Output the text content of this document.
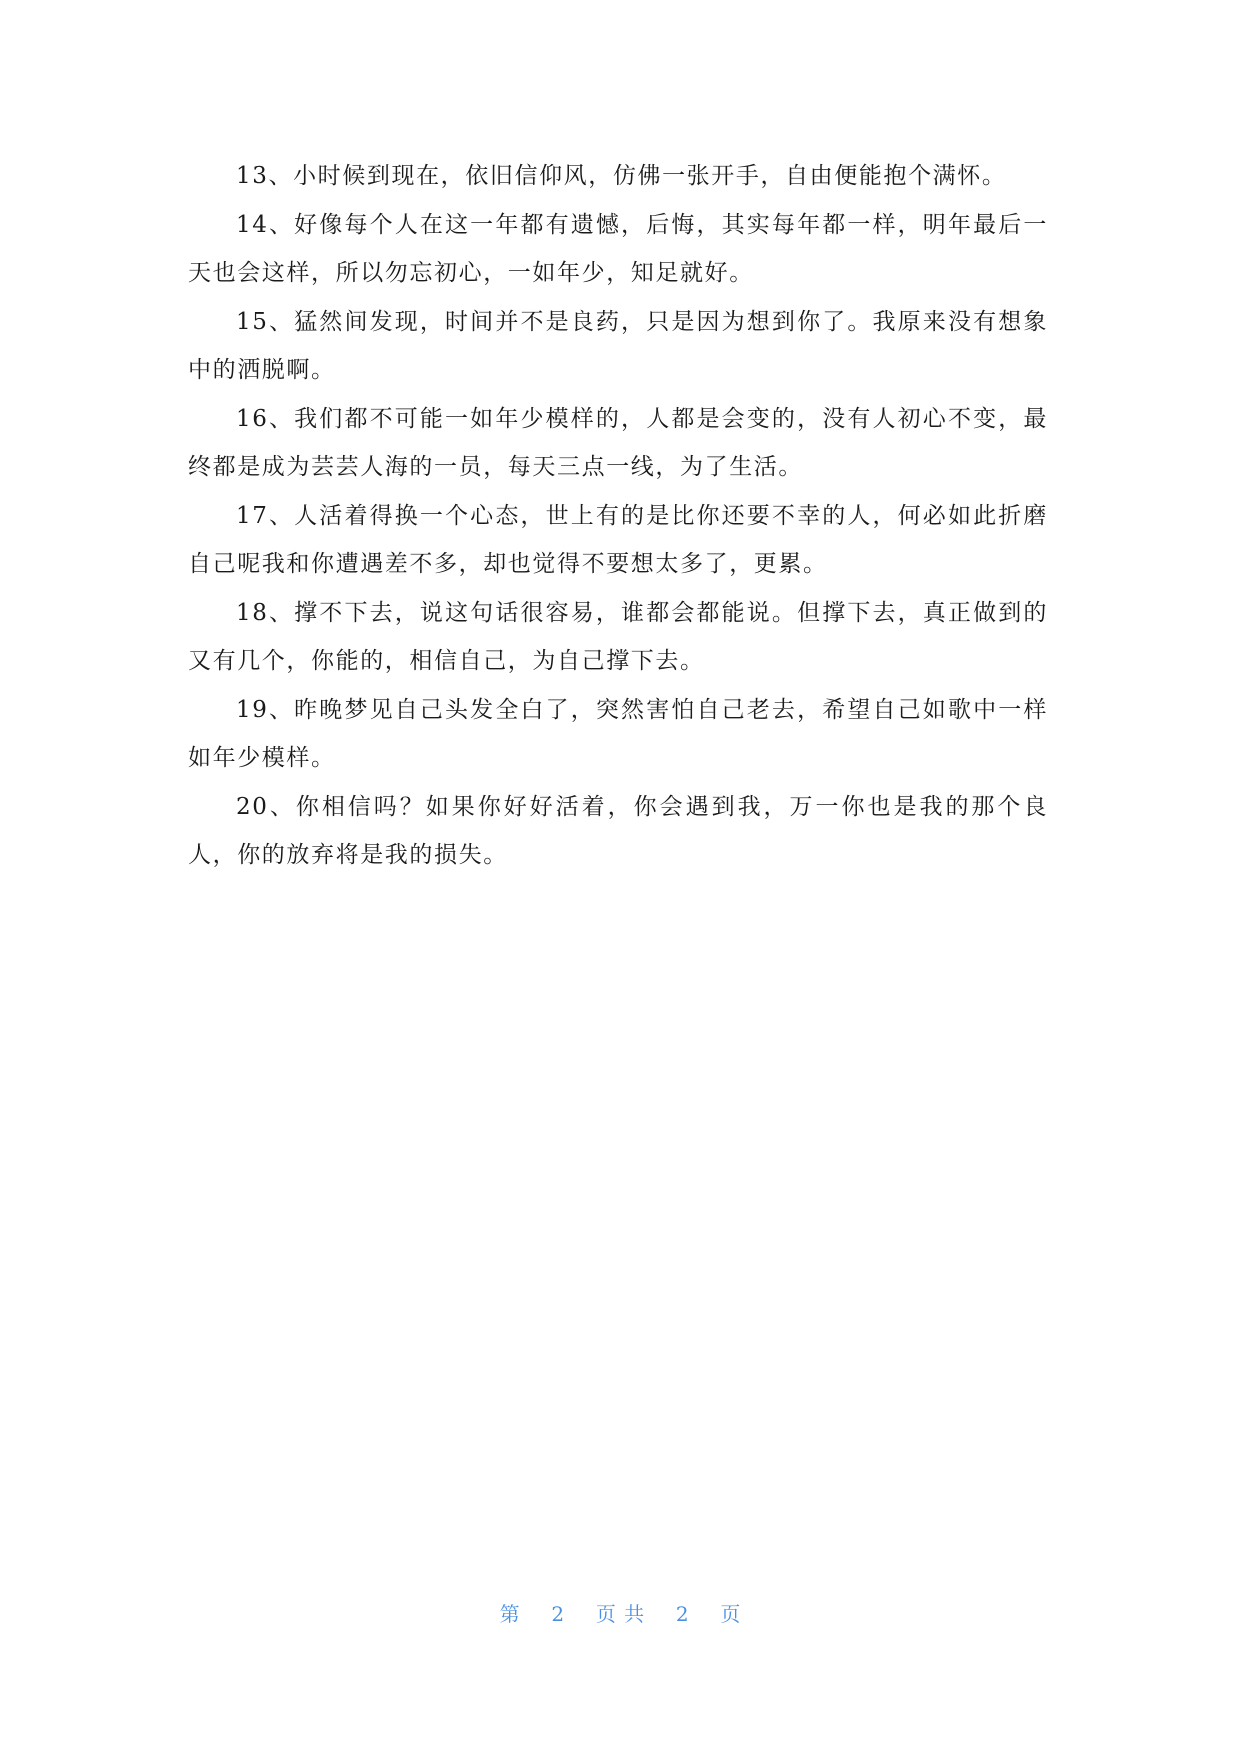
13、小时候到现在，依旧信仰风，仿佛一张开手，自由便能抱个满怀。

14、好像每个人在这一年都有遗憾，后悔，其实每年都一样，明年最后一天也会这样，所以勿忘初心，一如年少，知足就好。

15、猛然间发现，时间并不是良药，只是因为想到你了。我原来没有想象中的洒脱啊。

16、我们都不可能一如年少模样的，人都是会变的，没有人初心不变，最终都是成为芸芸人海的一员，每天三点一线，为了生活。

17、人活着得换一个心态，世上有的是比你还要不幸的人，何必如此折磨自己呢我和你遭遇差不多，却也觉得不要想太多了，更累。

18、撑不下去，说这句话很容易，谁都会都能说。但撑下去，真正做到的又有几个，你能的，相信自己，为自己撑下去。

19、昨晚梦见自己头发全白了，突然害怕自己老去，希望自己如歌中一样如年少模样。

20、你相信吗？如果你好好活着，你会遇到我，万一你也是我的那个良人，你的放弃将是我的损失。

第 2 页 共 2 页
